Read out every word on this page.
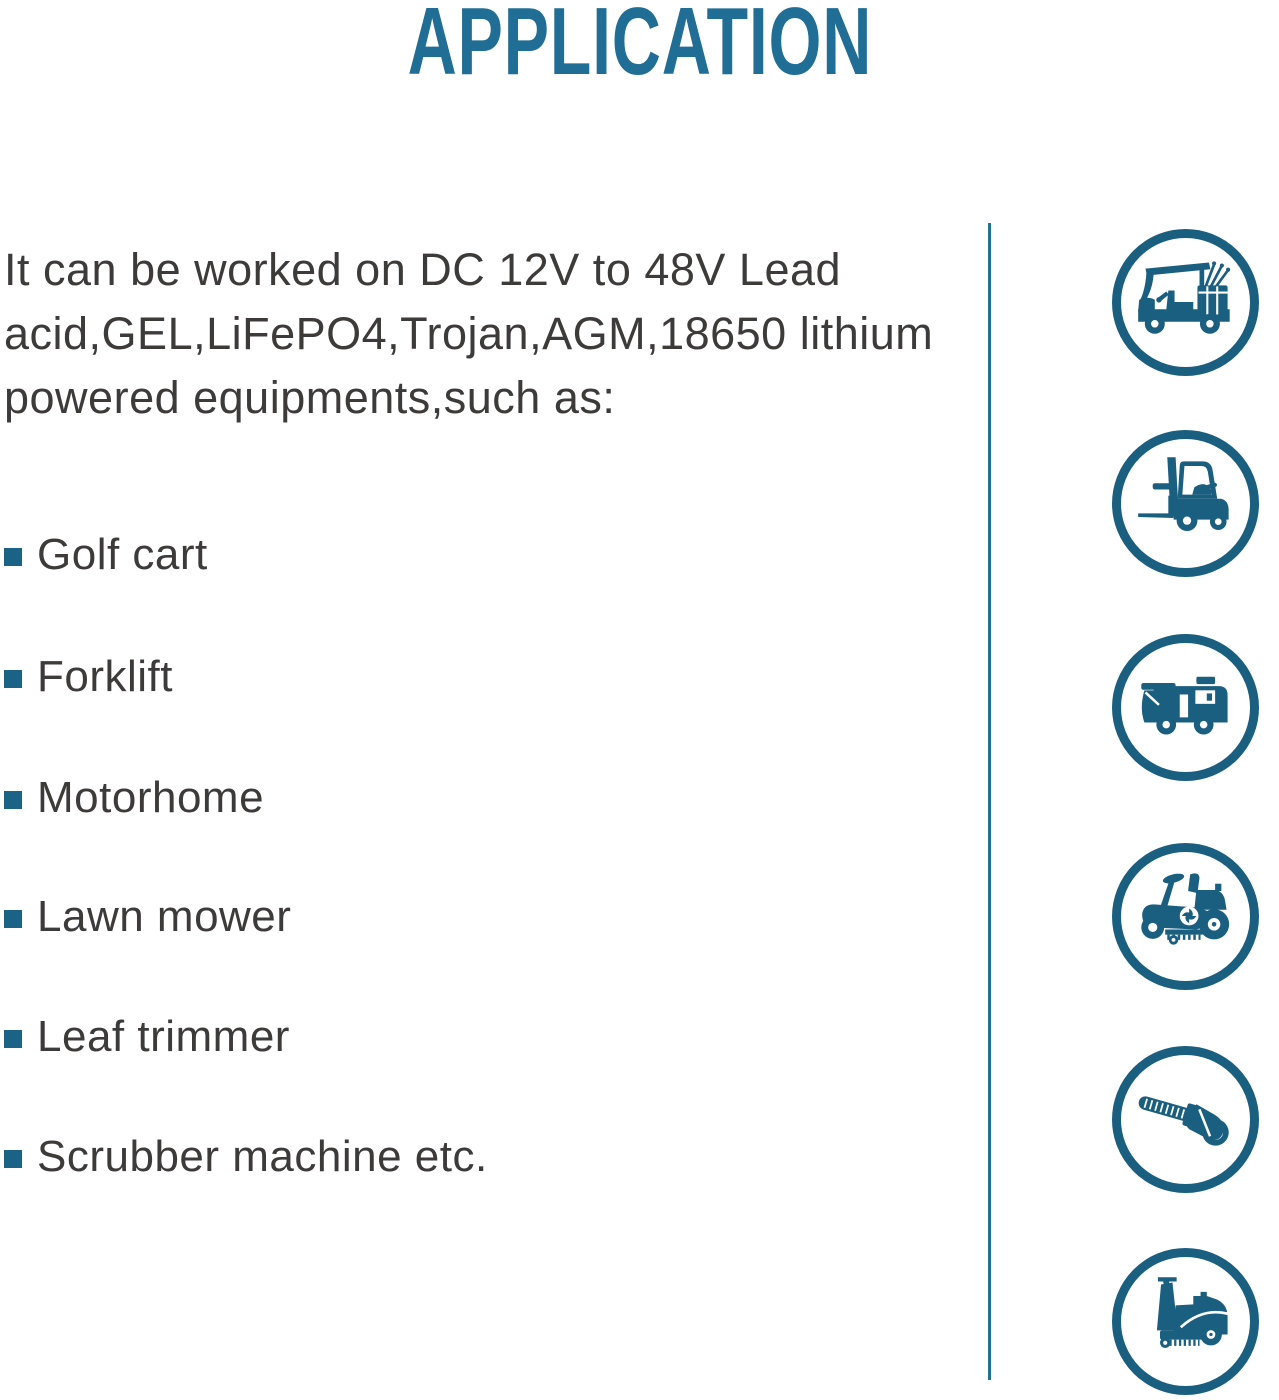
APPLICATION
It can be worked on DC 12V to 48V Lead
acid,GEL,LiFePO4,Trojan,AGM,18650 lithium
powered equipments,such as:
Golf cart
Forklift
Motorhome
Lawn mower
Leaf trimmer
Scrubber machine etc.
